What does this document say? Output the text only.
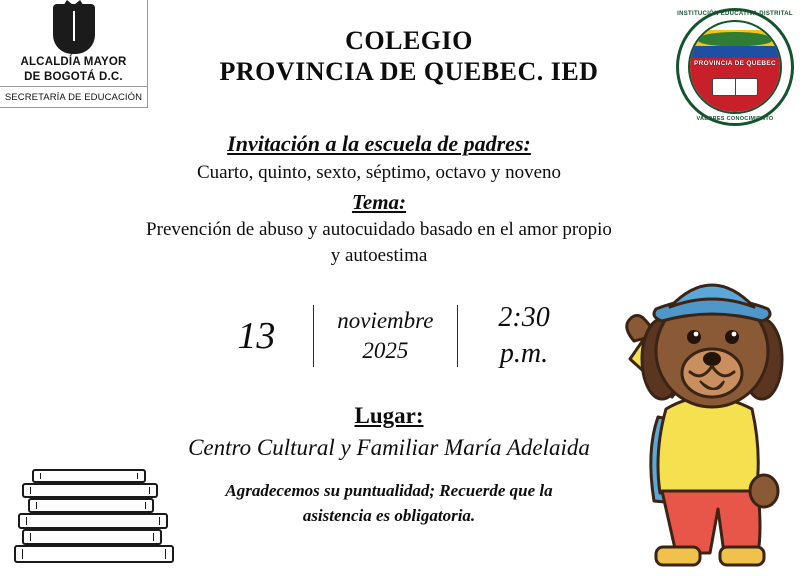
ALCALDÍA MAYOR
DE BOGOTÁ D.C.
SECRETARÍA DE EDUCACIÓN
INSTITUCIÓN EDUCATIVA DISTRITAL
PROVINCIA DE QUEBEC
VALORES CONOCIMIENTO
COLEGIO
PROVINCIA DE QUEBEC. IED
Invitación a la escuela de padres:
Cuarto, quinto, sexto, séptimo, octavo y noveno
Tema:
Prevención de abuso y autocuidado basado en el amor propio
y autoestima
13	noviembre
2025
2:30
p.m.
Lugar:
Centro Cultural y Familiar María Adelaida
Agradecemos su puntualidad; Recuerde que la
asistencia es obligatoria.
